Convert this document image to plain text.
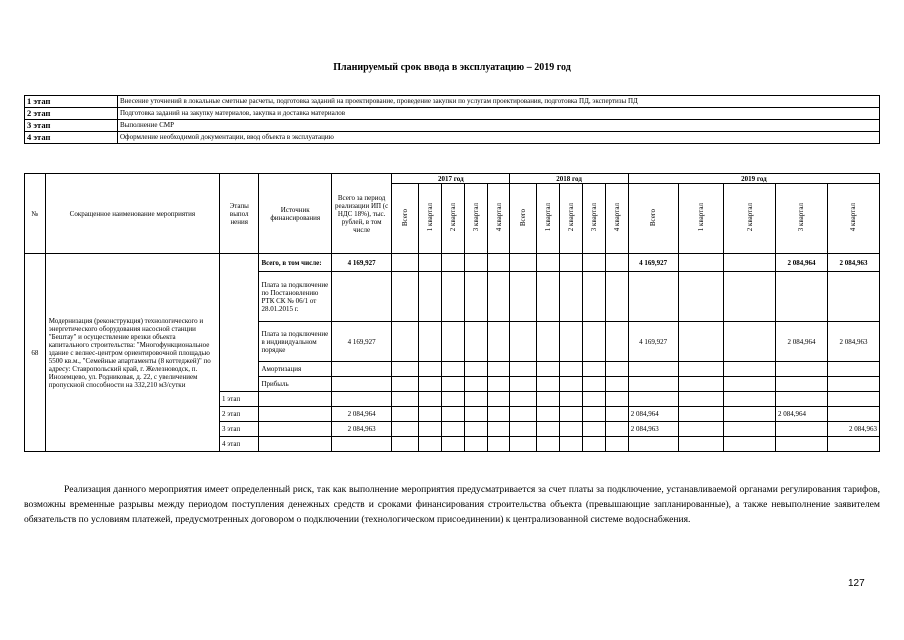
Планируемый срок ввода в эксплуатацию – 2019 год
1 этап	Внесение уточнений в локальные сметные расчеты, подготовка заданий на проектирование, проведение закупки по услугам проектирования, подготовка ПД, экспертизы ПД
2 этап	Подготовка заданий на закупку материалов, закупка и доставка материалов
3 этап	Выполнение СМР
4 этап	Оформление необходимой документации, ввод объекта в эксплуатацию
№	Сокращенное наименование мероприятия	Этапы выпол нения	Источник финансирования	Всего за период реализации ИП (с НДС 18%), тыс. рублей, в том числе	2017 год					2018 год					2019 год				
					Всего	1 квартал	2 квартал	3 квартал	4 квартал	Всего	1 квартал	2 квартал	3 квартал	4 квартал	Всего	1 квартал	2 квартал	3 квартал	4 квартал
68	Модернизация (реконструкция) технологического и энергетического оборудования насосной станции "Бештау" и осуществление врезки объекта капитального строительства: "Многофункциональное здание с велнес-центром ориентировочной площадью 5500 кв.м., "Семейные апартаменты (8 коттеджей)" по адресу: Ставропольский край, г. Железноводск, п. Иноземцево, ул. Родниковая, д. 22, с увеличением пропускной способности на 332,210 м3/сутки		Всего, в том числе:	4 169,927											4 169,927			2 084,964	2 084,963
			Плата за подключение по Постановлению РТК СК № 06/1 от 28.01.2015 г.																
			Плата за подключение в индивидуальном порядке	4 169,927											4 169,927			2 084,964	2 084,963
			Амортизация																
			Прибыль																
		1 этап																	
		2 этап		2 084,964											2 084,964			2 084,964	
		3 этап		2 084,963											2 084,963				2 084,963
		4 этап																	

Реализация данного мероприятия имеет определенный риск, так как выполнение мероприятия предусматривается за счет платы за подключение, устанавливаемой органами регулирования тарифов, возможны временные разрывы между периодом поступления денежных средств и сроками финансирования строительства объекта (превышающие запланированные), а также невыполнение заявителем обязательств по условиям платежей, предусмотренных договором о подключении (технологическом присоединении) к централизованной системе водоснабжения.

127
